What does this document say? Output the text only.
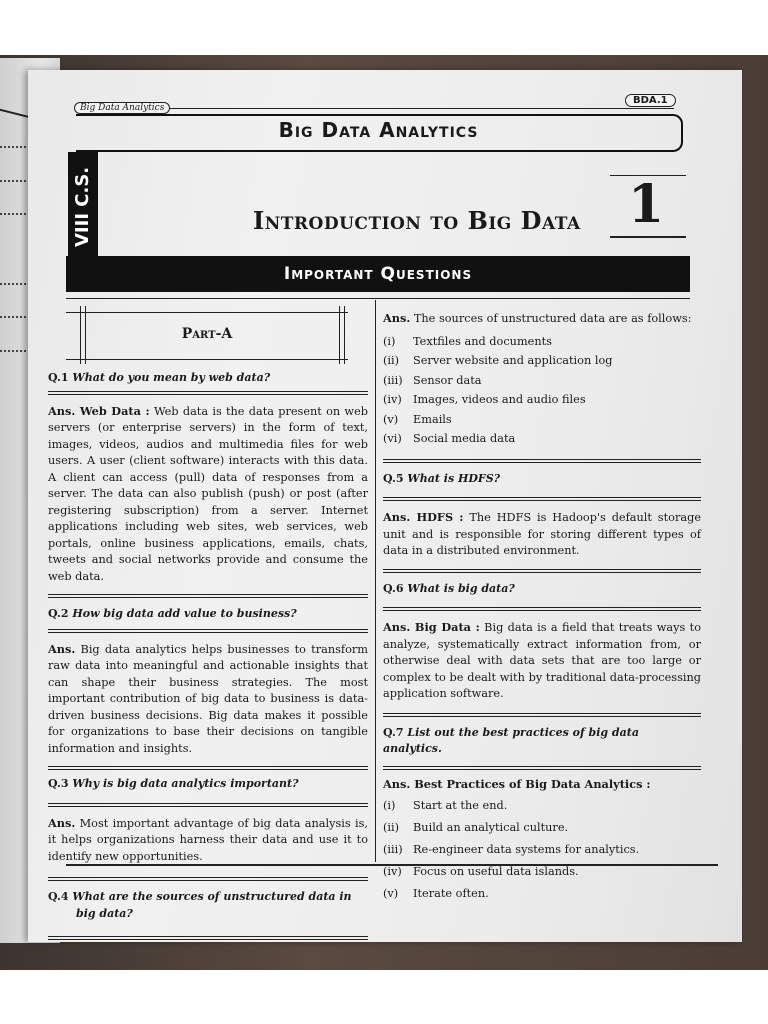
Big Data Analytics
BDA.1
Big Data Analytics
VIII C.S.	Introduction to Big Data 1
Important Questions
Part-A
Q.1 What do you mean by web data?
Ans. Web Data : Web data is the data present on web servers (or enterprise servers) in the form of text, images, videos, audios and multimedia files for web users. A user (client software) interacts with this data. A client can access (pull) data of responses from a server. The data can also publish (push) or post (after registering subscription) from a server. Internet applications including web sites, web services, web portals, online business applications, emails, chats, tweets and social networks provide and consume the web data.
Q.2 How big data add value to business?
Ans. Big data analytics helps businesses to transform raw data into meaningful and actionable insights that can shape their business strategies. The most important contribution of big data to business is data-driven business decisions. Big data makes it possible for organizations to base their decisions on tangible information and insights.
Q.3 Why is big data analytics important?
Ans. Most important advantage of big data analysis is, it helps organizations harness their data and use it to identify new opportunities.
Q.4 What are the sources of unstructured data in big data?
Ans. The sources of unstructured data are as follows:
(i)	Textfiles and documents
(ii)	Server website and application log
(iii) Sensor data
(iv) Images, videos and audio files
(v)	Emails
(vi) Social media data
Q.5 What is HDFS?
Ans. HDFS : The HDFS is Hadoop's default storage unit and is responsible for storing different types of data in a distributed environment.
Q.6 What is big data?
Ans. Big Data : Big data is a field that treats ways to analyze, systematically extract information from, or otherwise deal with data sets that are too large or complex to be dealt with by traditional data-processing application software.
Q.7 List out the best practices of big data analytics.
Ans. Best Practices of Big Data Analytics :
(i)	Start at the end.
(ii)	Build an analytical culture.
(iii) Re-engineer data systems for analytics.
(iv) Focus on useful data islands.
(v)	Iterate often.
